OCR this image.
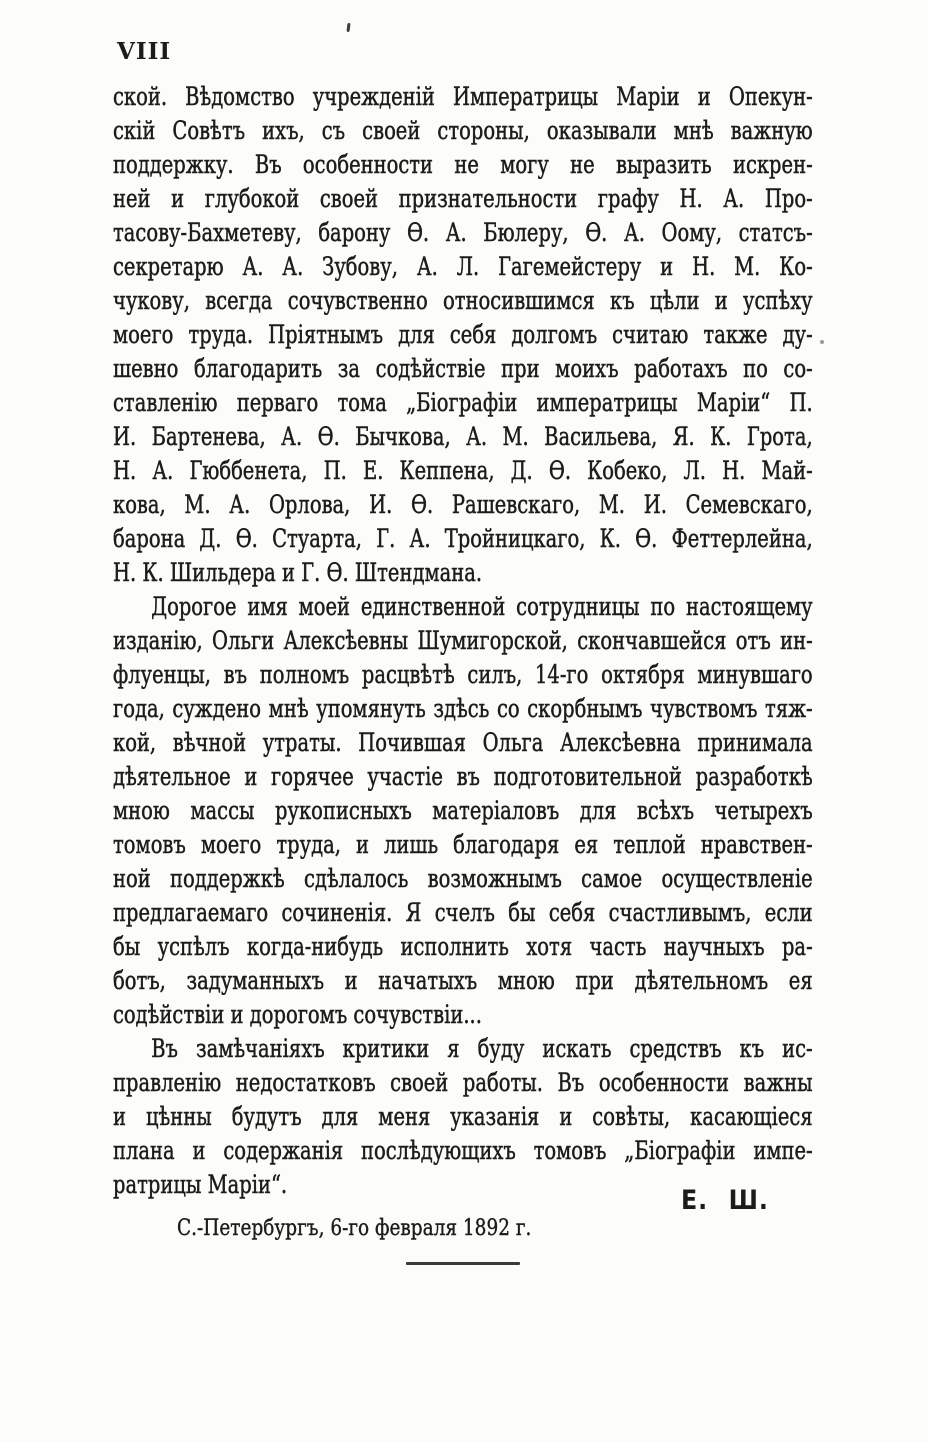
VIII
ской. Вѣдомство учрежденій Императрицы Маріи и Опекун-
скій Совѣтъ ихъ, съ своей стороны, оказывали мнѣ важную
поддержку. Въ особенности не могу не выразить искрен-
ней и глубокой своей признательности графу Н. А. Про-
тасову-Бахметеву, барону Ѳ. А. Бюлеру, Ѳ. А. Оому, статсъ-
секретарю А. А. Зубову, А. Л. Гагемейстеру и Н. М. Ко-
чукову, всегда сочувственно относившимся къ цѣли и успѣху
моего труда. Пріятнымъ для себя долгомъ считаю также ду-
шевно благодарить за содѣйствіе при моихъ работахъ по со-
ставленію перваго тома „Біографіи императрицы Маріи“ П.
И. Бартенева, А. Ѳ. Бычкова, А. М. Васильева, Я. К. Грота,
Н. А. Гюббенета, П. Е. Кеппена, Д. Ѳ. Кобеко, Л. Н. Май-
кова, М. А. Орлова, И. Ѳ. Рашевскаго, М. И. Семевскаго,
барона Д. Ѳ. Стуарта, Г. А. Тройницкаго, К. Ѳ. Феттерлейна,
Н. К. Шильдера и Г. Ѳ. Штендмана.
Дорогое имя моей единственной сотрудницы по настоящему
изданію, Ольги Алексѣевны Шумигорской, скончавшейся отъ ин-
флуенцы, въ полномъ расцвѣтѣ силъ, 14-го октября минувшаго
года, суждено мнѣ упомянуть здѣсь со скорбнымъ чувствомъ тяж-
кой, вѣчной утраты. Почившая Ольга Алексѣевна принимала
дѣятельное и горячее участіе въ подготовительной разработкѣ
мною массы рукописныхъ матеріаловъ для всѣхъ четырехъ
томовъ моего труда, и лишь благодаря ея теплой нравствен-
ной поддержкѣ сдѣлалось возможнымъ самое осуществленіе
предлагаемаго сочиненія. Я счелъ бы себя счастливымъ, если
бы успѣлъ когда-нибудь исполнить хотя часть научныхъ ра-
ботъ, задуманныхъ и начатыхъ мною при дѣятельномъ ея
содѣйствіи и дорогомъ сочувствіи...
Въ замѣчаніяхъ критики я буду искать средствъ къ ис-
правленію недостатковъ своей работы. Въ особенности важны
и цѣнны будутъ для меня указанія и совѣты, касающіеся
плана и содержанія послѣдующихъ томовъ „Біографіи импе-
ратрицы Маріи“.
Е. Ш.
С.-Петербургъ, 6-го февраля 1892 г.
